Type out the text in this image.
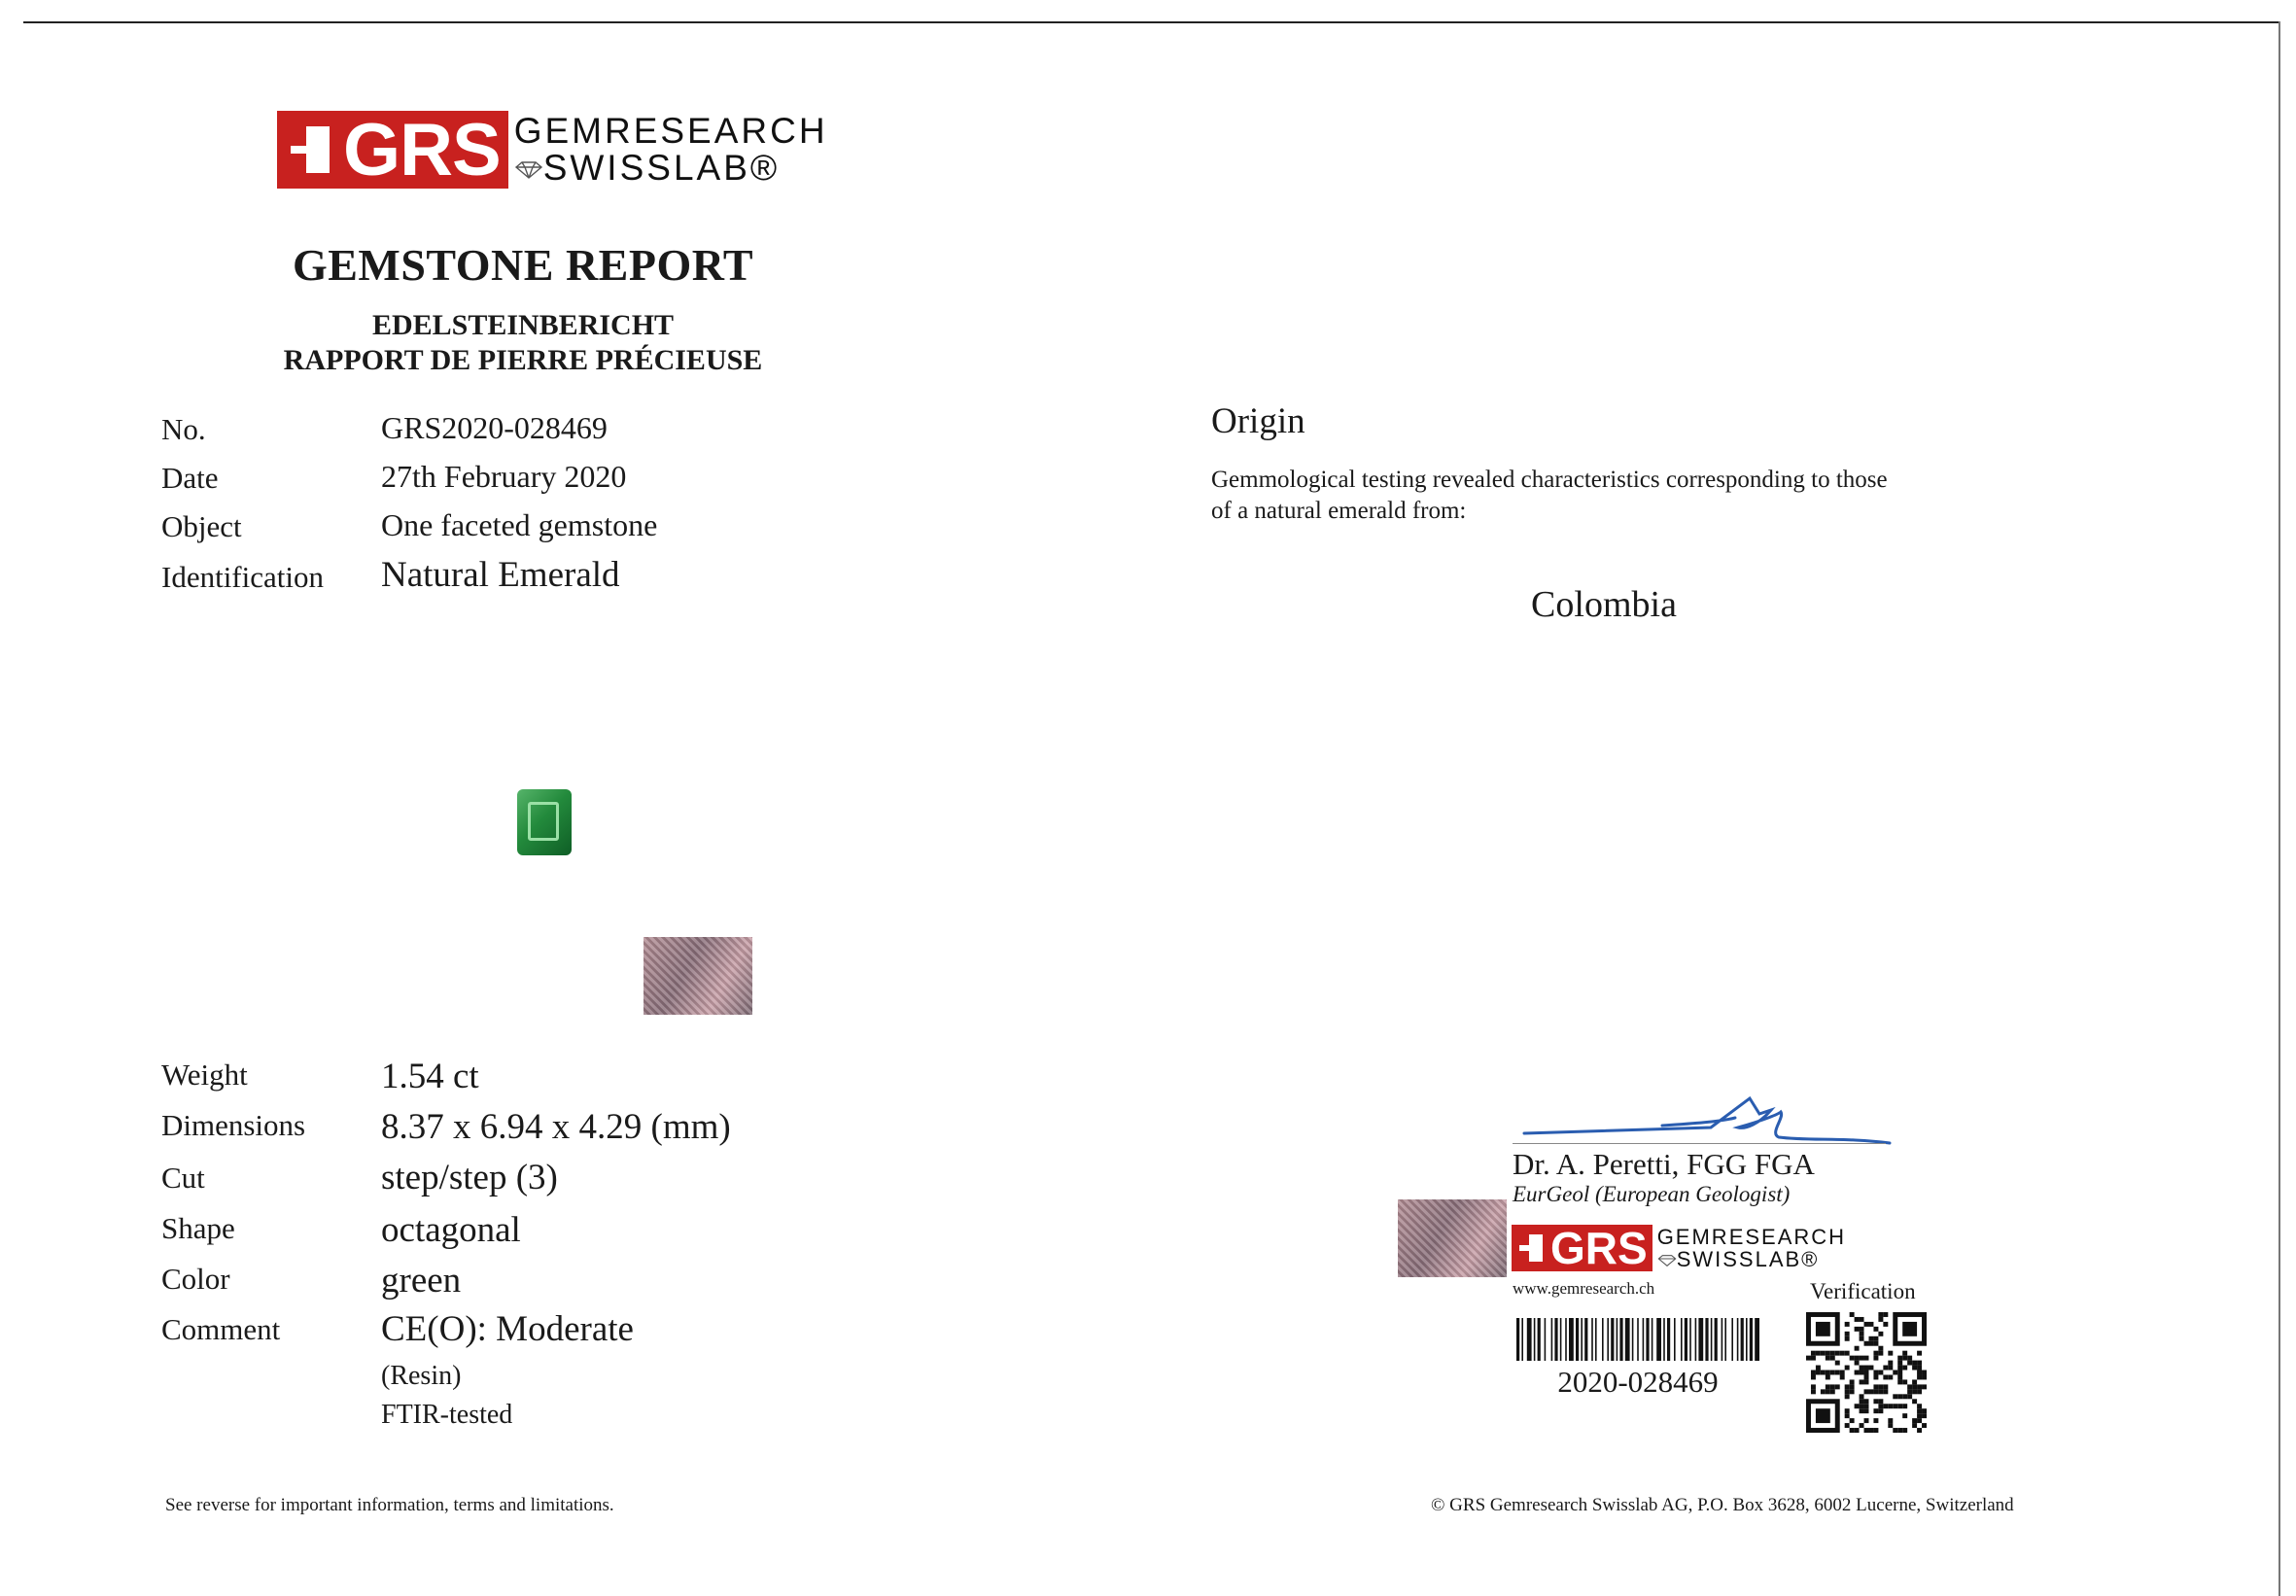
GRS GEMRESEARCH
SWISSLAB®
GEMSTONE REPORT
EDELSTEINBERICHT
RAPPORT DE PIERRE PRÉCIEUSE
No.	GRS2020-028469
Date	27th February 2020
Object	One faceted gemstone
Identification Natural Emerald
Weight	1.54 ct
Dimensions 8.37 x 6.94 x 4.29 (mm)
Cut	step/step (3)
Shape	octagonal
Color	green
Comment	CE(O): Moderate
(Resin)
FTIR-tested
Origin
Gemmological testing revealed characteristics corresponding to those
of a natural emerald from:
Colombia
Dr. A. Peretti, FGG FGA
EurGeol (European Geologist)
GRS GEMRESEARCH
SWISSLAB®
www.gemresearch.ch	Verification
2020-028469
See reverse for important information, terms and limitations.	© GRS Gemresearch Swisslab AG, P.O. Box 3628, 6002 Lucerne, Switzerland
